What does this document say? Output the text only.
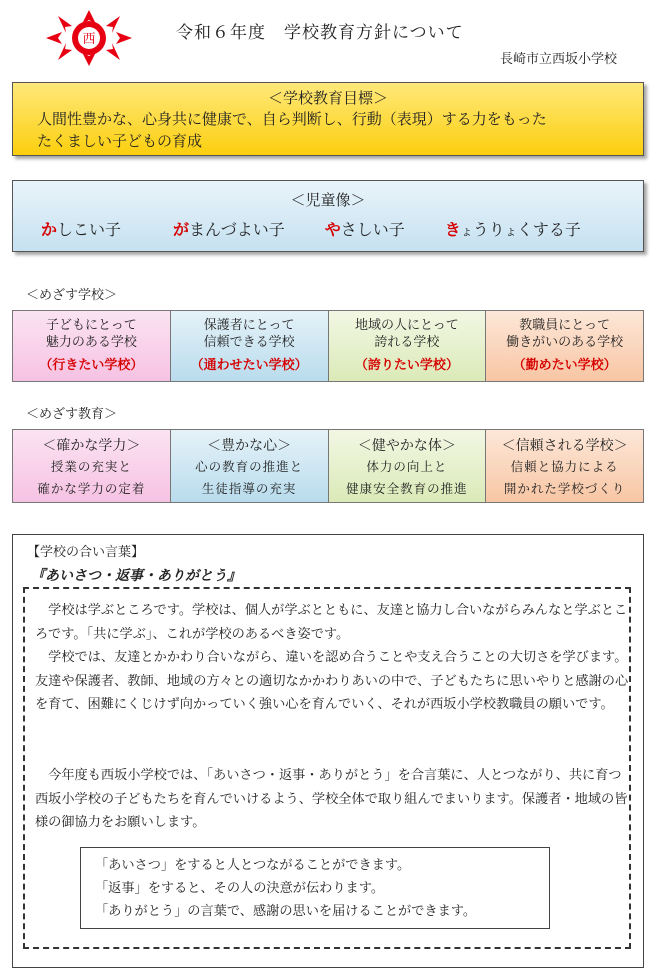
西	令和６年度　学校教育方針について
長崎市立西坂小学校
＜学校教育目標＞
人間性豊かな、心身共に健康で、自ら判断し、行動（表現）する力をもった
たくましい子どもの育成
＜児童像＞
かしこい子	がまんづよい子	やさしい子	きょうりょくする子
＜めざす学校＞
子どもにとって
魅力のある学校
（行きたい学校）
保護者にとって
信頼できる学校
（通わせたい学校）
地域の人にとって
誇れる学校
（誇りたい学校）
教職員にとって
働きがいのある学校
（勤めたい学校）
＜めざす教育＞
＜確かな学力＞
授業の充実と
確かな学力の定着
＜豊かな心＞
心の教育の推進と
生徒指導の充実
＜健やかな体＞
体力の向上と
健康安全教育の推進
＜信頼される学校＞
信頼と協力による
開かれた学校づくり
【学校の合い言葉】
『あいさつ・返事・ありがとう』
　学校は学ぶところです。学校は、個人が学ぶとともに、友達と協力し合いながらみんなと学ぶところです。「共に学ぶ」、これが学校のあるべき姿です。
　学校では、友達とかかわり合いながら、違いを認め合うことや支え合うことの大切さを学びます。友達や保護者、教師、地域の方々との適切なかかわりあいの中で、子どもたちに思いやりと感謝の心を育て、困難にくじけず向かっていく強い心を育んでいく、それが西坂小学校教職員の願いです。
　今年度も西坂小学校では、「あいさつ・返事・ありがとう」を合言葉に、人とつながり、共に育つ西坂小学校の子どもたちを育んでいけるよう、学校全体で取り組んでまいります。保護者・地域の皆様の御協力をお願いします。

「あいさつ」をすると人とつながることができます。

「返事」をすると、その人の決意が伝わります。

「ありがとう」の言葉で、感謝の思いを届けることができます。
